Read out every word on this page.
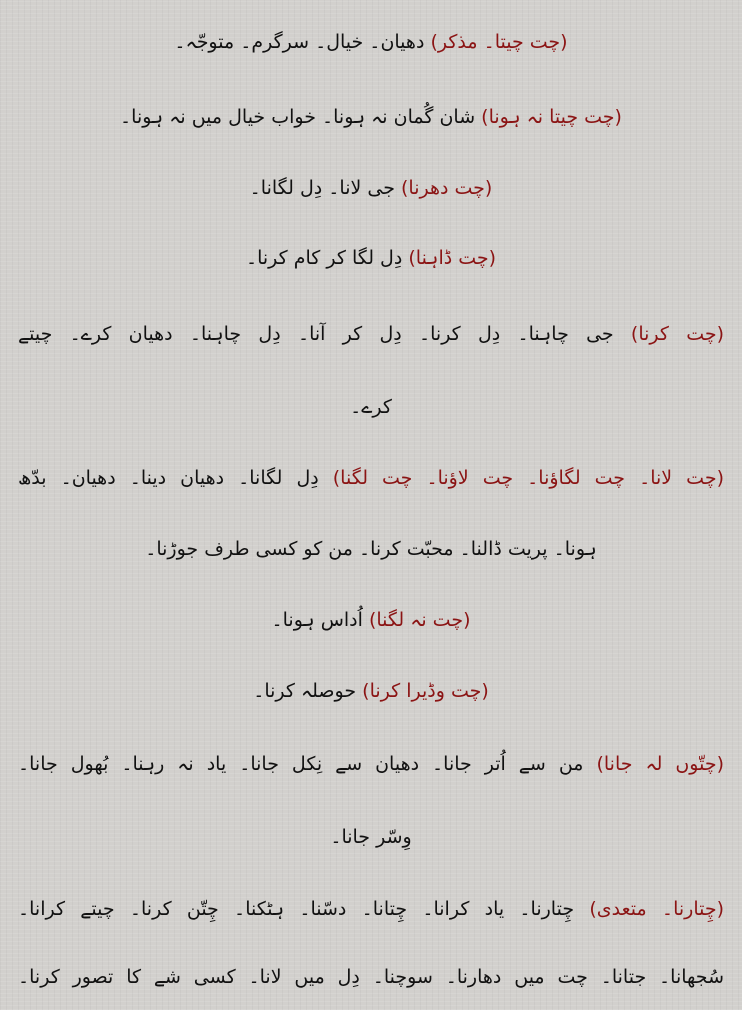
(چت چیتا۔ مذکر) دھیان۔ خیال۔ سرگرم۔ متوجّہ۔
(چت چیتا نہ ہونا) شان گُمان نہ ہونا۔ خواب خیال میں نہ ہونا۔
(چت دھرنا) جی لانا۔ دِل لگانا۔
(چت ڈاہنا) دِل لگا کر کام کرنا۔
(چت کرنا) جی چاہنا۔ دِل کرنا۔ دِل کر آنا۔ دِل چاہنا۔ دھیان کرے۔ چیتے
کرے۔
(چت لانا۔ چت لگاؤنا۔ چت لاؤنا۔ چت لگنا) دِل لگانا۔ دھیان دینا۔ دھیان۔ بدّھ
ہونا۔ پریت ڈالنا۔ محبّت کرنا۔ من کو کسی طرف جوڑنا۔
(چت نہ لگنا) اُداس ہونا۔
(چت وڈیرا کرنا) حوصلہ کرنا۔
(چتّوں لہ جانا) من سے اُتر جانا۔ دھیان سے نِکل جانا۔ یاد نہ رہنا۔ بُھول جانا۔
وِسّر جانا۔
(چِتارنا۔ متعدی) چِتارنا۔ یاد کرانا۔ چِتانا۔ دسّنا۔ ہٹکنا۔ چِتّن کرنا۔ چیتے کرانا۔
سُجھانا۔ جتانا۔ چت میں دھارنا۔ سوچنا۔ دِل میں لانا۔ کسی شے کا تصور کرنا۔
